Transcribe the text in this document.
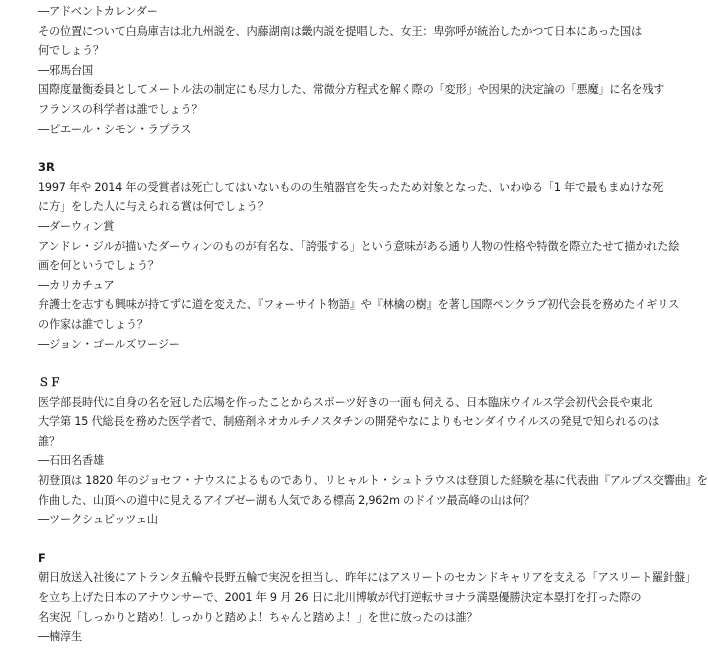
―アドベントカレンダー
その位置について白鳥庫吉は北九州説を、内藤湖南は畿内説を提唱した、女王：卑弥呼が統治したかつて日本にあった国は
何でしょう？
―邪馬台国
国際度量衡委員としてメートル法の制定にも尽力した、常微分方程式を解く際の「変形」や因果的決定論の「悪魔」に名を残す
フランスの科学者は誰でしょう？
―ピエール・シモン・ラプラス
3R
1997 年や 2014 年の受賞者は死亡してはいないものの生殖器官を失ったため対象となった、いわゆる「1 年で最もまぬけな死
に方」をした人に与えられる賞は何でしょう？
―ダーウィン賞
アンドレ・ジルが描いたダーウィンのものが有名な、「誇張する」という意味がある通り人物の性格や特徴を際立たせて描かれた絵
画を何というでしょう？
―カリカチュア
弁護士を志すも興味が持てずに道を変えた、『フォーサイト物語』や『林檎の樹』を著し国際ペンクラブ初代会長を務めたイギリス
の作家は誰でしょう？
―ジョン・ゴールズワージー
ＳＦ
医学部長時代に自身の名を冠した広場を作ったことからスポーツ好きの一面も伺える、日本臨床ウイルス学会初代会長や東北
大学第 15 代総長を務めた医学者で、制癌剤ネオカルチノスタチンの開発やなによりもセンダイウイルスの発見で知られるのは
誰？
―石田名香雄
初登頂は 1820 年のジョセフ・ナウスによるものであり、リヒャルト・シュトラウスは登頂した経験を基に代表曲『アルプス交響曲』を
作曲した、山頂への道中に見えるアイブゼー湖も人気である標高 2,962m のドイツ最高峰の山は何？
―ツークシュピッツェ山
F
朝日放送入社後にアトランタ五輪や長野五輪で実況を担当し、昨年にはアスリートのセカンドキャリアを支える「アスリート羅針盤」
を立ち上げた日本のアナウンサーで、2001 年 9 月 26 日に北川博敏が代打逆転サヨナラ満塁優勝決定本塁打を打った際の
名実況「しっかりと踏め！しっかりと踏めよ！ちゃんと踏めよ！」を世に放ったのは誰？
―楠淳生
